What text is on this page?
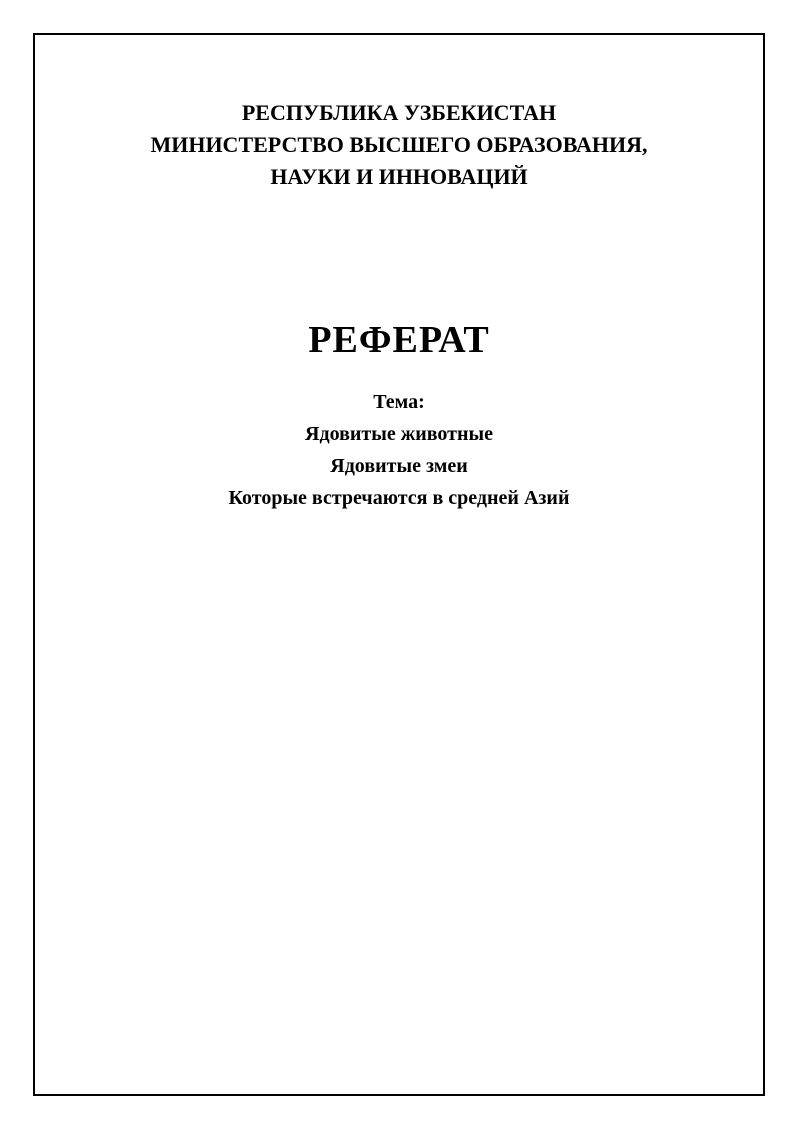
РЕСПУБЛИКА УЗБЕКИСТАН
МИНИСТЕРСТВО ВЫСШЕГО ОБРАЗОВАНИЯ,
НАУКИ И ИННОВАЦИЙ
РЕФЕРАТ
Тема:
Ядовитые животные
Ядовитые змеи
Которые встречаются в средней Азий
